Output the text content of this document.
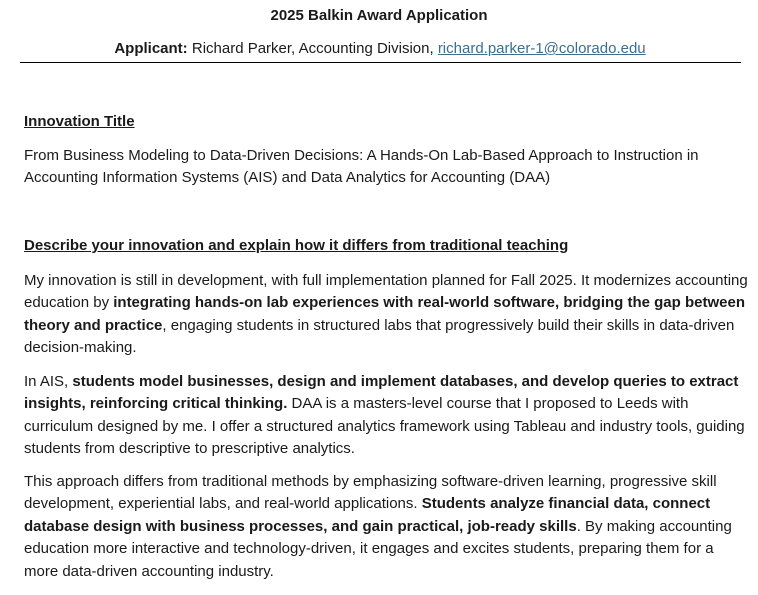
2025 Balkin Award Application
Applicant: Richard Parker, Accounting Division, richard.parker-1@colorado.edu
Innovation Title

From Business Modeling to Data-Driven Decisions: A Hands-On Lab-Based Approach to Instruction in Accounting Information Systems (AIS) and Data Analytics for Accounting (DAA)

Describe your innovation and explain how it differs from traditional teaching

My innovation is still in development, with full implementation planned for Fall 2025. It modernizes accounting education by integrating hands-on lab experiences with real-world software, bridging the gap between theory and practice, engaging students in structured labs that progressively build their skills in data-driven decision-making.

In AIS, students model businesses, design and implement databases, and develop queries to extract insights, reinforcing critical thinking. DAA is a masters-level course that I proposed to Leeds with curriculum designed by me. I offer a structured analytics framework using Tableau and industry tools, guiding students from descriptive to prescriptive analytics.

This approach differs from traditional methods by emphasizing software-driven learning, progressive skill development, experiential labs, and real-world applications. Students analyze financial data, connect database design with business processes, and gain practical, job-ready skills. By making accounting education more interactive and technology-driven, it engages and excites students, preparing them for a more data-driven accounting industry.
